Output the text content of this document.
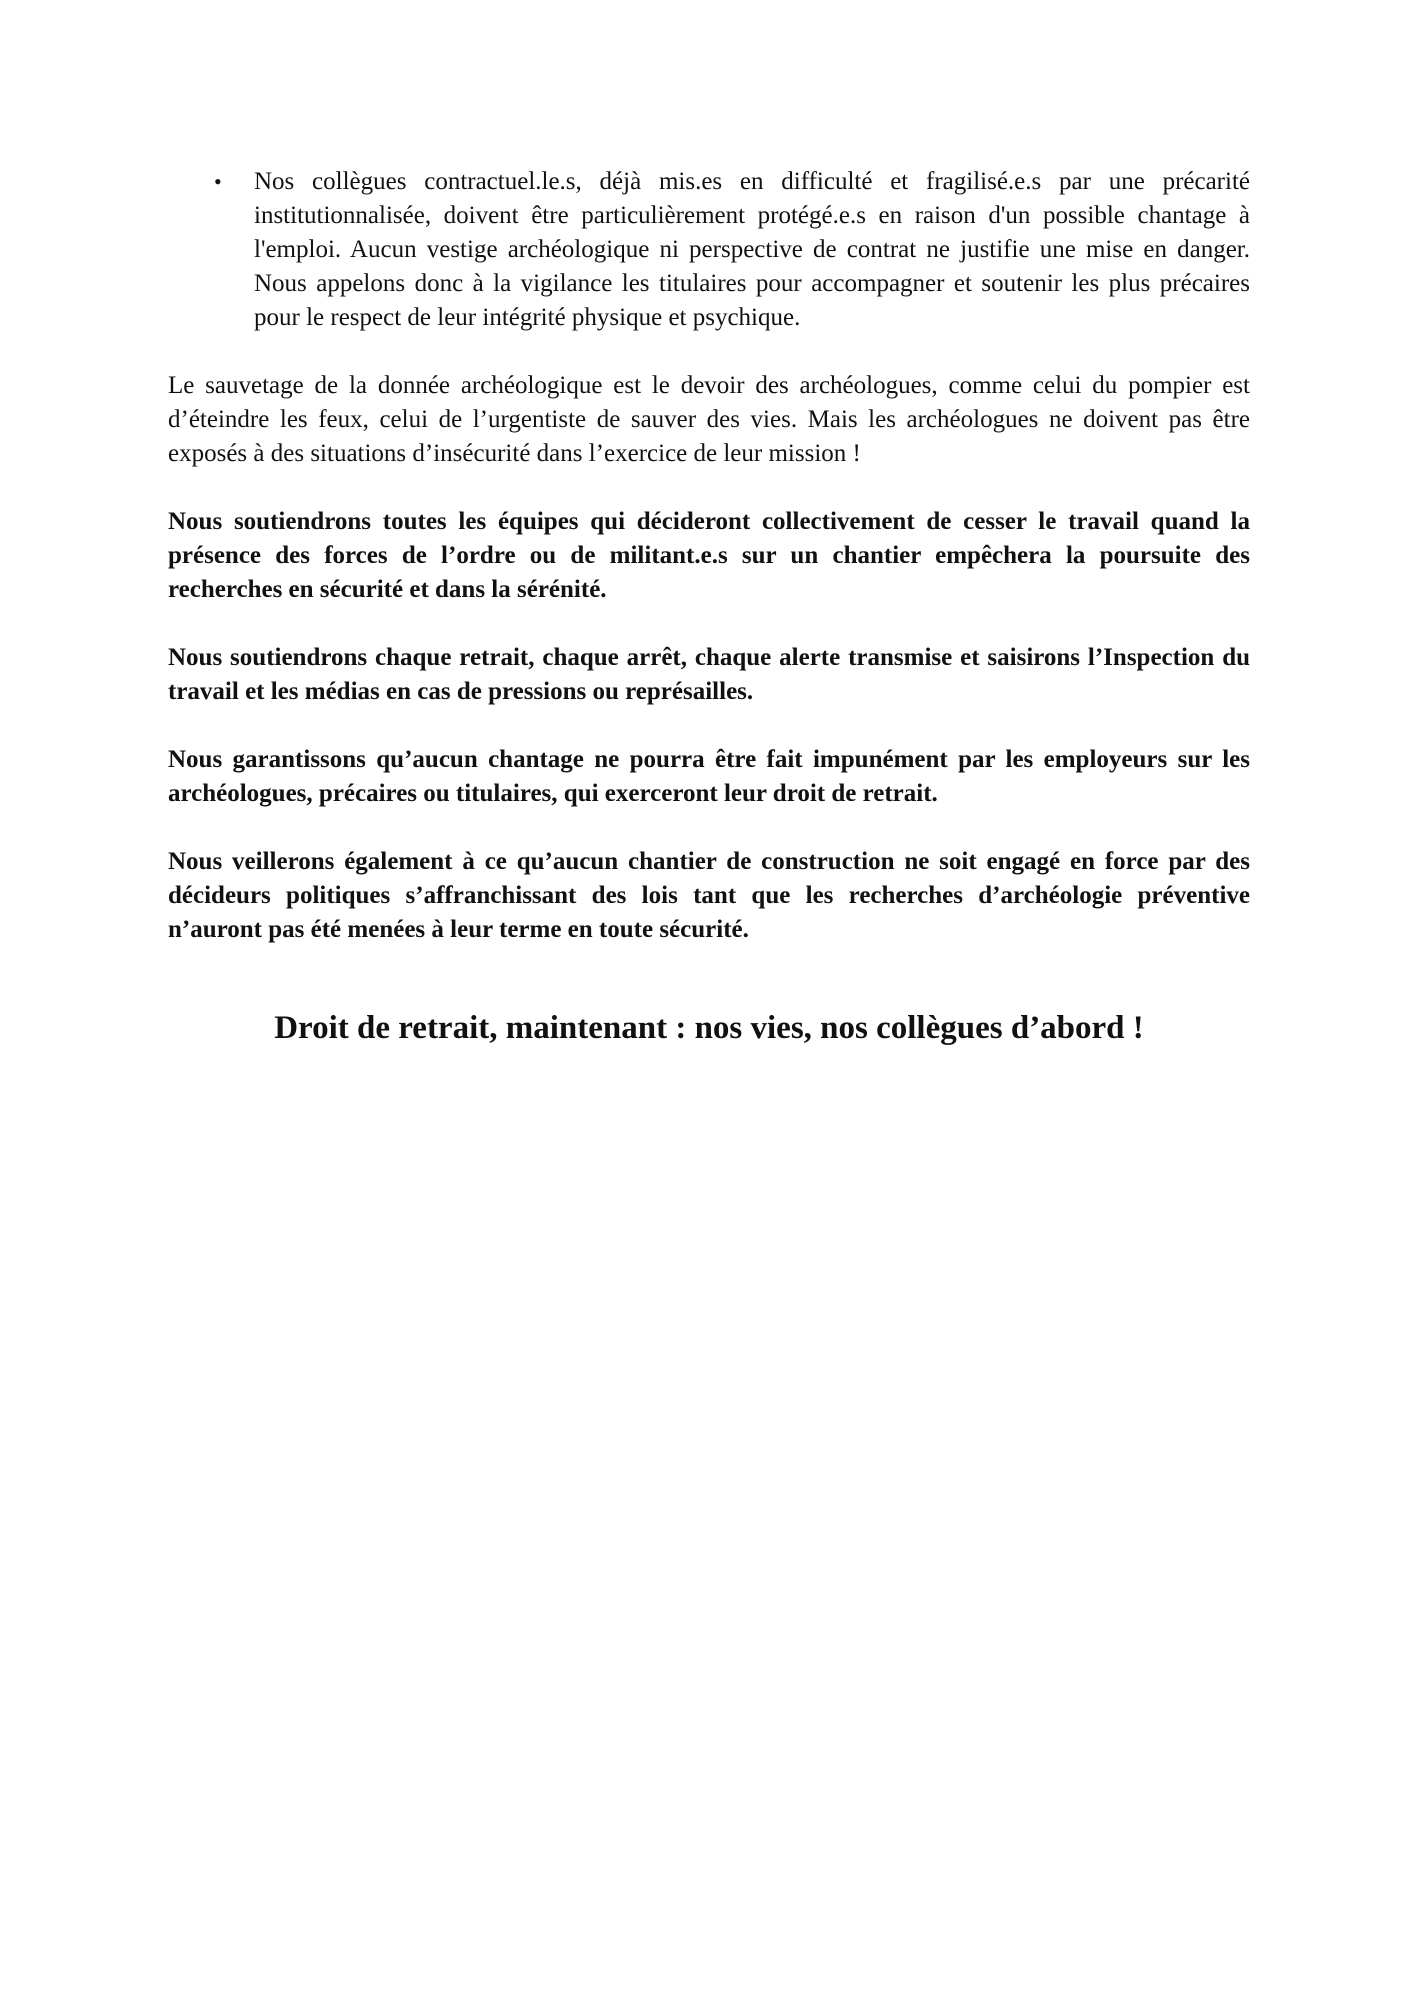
• Nos collègues contractuel.le.s, déjà mis.es en difficulté et fragilisé.e.s par une précarité institutionnalisée, doivent être particulièrement protégé.e.s en raison d'un possible chantage à l'emploi. Aucun vestige archéologique ni perspective de contrat ne justifie une mise en danger. Nous appelons donc à la vigilance les titulaires pour accompagner et soutenir les plus précaires pour le respect de leur intégrité physique et psychique.

Le sauvetage de la donnée archéologique est le devoir des archéologues, comme celui du pompier est d’éteindre les feux, celui de l’urgentiste de sauver des vies. Mais les archéologues ne doivent pas être exposés à des situations d’insécurité dans l’exercice de leur mission !

Nous soutiendrons toutes les équipes qui décideront collectivement de cesser le travail quand la présence des forces de l’ordre ou de militant.e.s sur un chantier empêchera la poursuite des recherches en sécurité et dans la sérénité.

Nous soutiendrons chaque retrait, chaque arrêt, chaque alerte transmise et saisirons l’Inspection du travail et les médias en cas de pressions ou représailles.

Nous garantissons qu’aucun chantage ne pourra être fait impunément par les employeurs sur les archéologues, précaires ou titulaires, qui exerceront leur droit de retrait.

Nous veillerons également à ce qu’aucun chantier de construction ne soit engagé en force par des décideurs politiques s’affranchissant des lois tant que les recherches d’archéologie préventive n’auront pas été menées à leur terme en toute sécurité.

Droit de retrait, maintenant : nos vies, nos collègues d’abord !
